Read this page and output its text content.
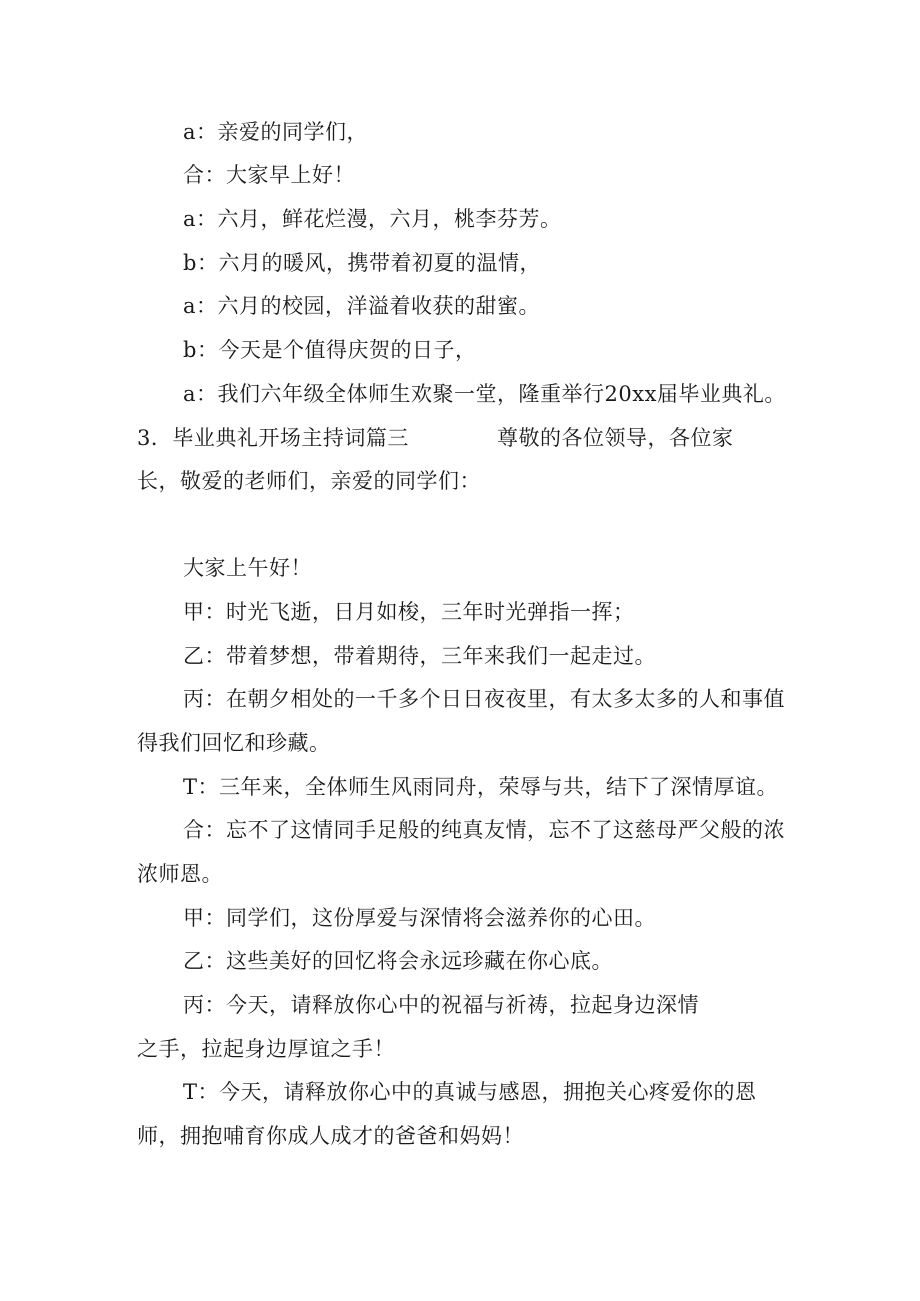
a：亲爱的同学们，
合：大家早上好！
a：六月，鲜花烂漫，六月，桃李芬芳。
b：六月的暖风，携带着初夏的温情，
a：六月的校园，洋溢着收获的甜蜜。
b：今天是个值得庆贺的日子，
a：我们六年级全体师生欢聚一堂，隆重举行20xx届毕业典礼。
3．毕业典礼开场主持词篇三	尊敬的各位领导，各位家
长，敬爱的老师们，亲爱的同学们：
大家上午好！
甲：时光飞逝，日月如梭，三年时光弹指一挥；
乙：带着梦想，带着期待，三年来我们一起走过。
丙：在朝夕相处的一千多个日日夜夜里，有太多太多的人和事值
得我们回忆和珍藏。
T：三年来，全体师生风雨同舟，荣辱与共，结下了深情厚谊。
合：忘不了这情同手足般的纯真友情，忘不了这慈母严父般的浓
浓师恩。
甲：同学们，这份厚爱与深情将会滋养你的心田。
乙：这些美好的回忆将会永远珍藏在你心底。
丙：今天，请释放你心中的祝福与祈祷，拉起身边深情
之手，拉起身边厚谊之手！
T：今天，请释放你心中的真诚与感恩，拥抱关心疼爱你的恩
师，拥抱哺育你成人成才的爸爸和妈妈！
